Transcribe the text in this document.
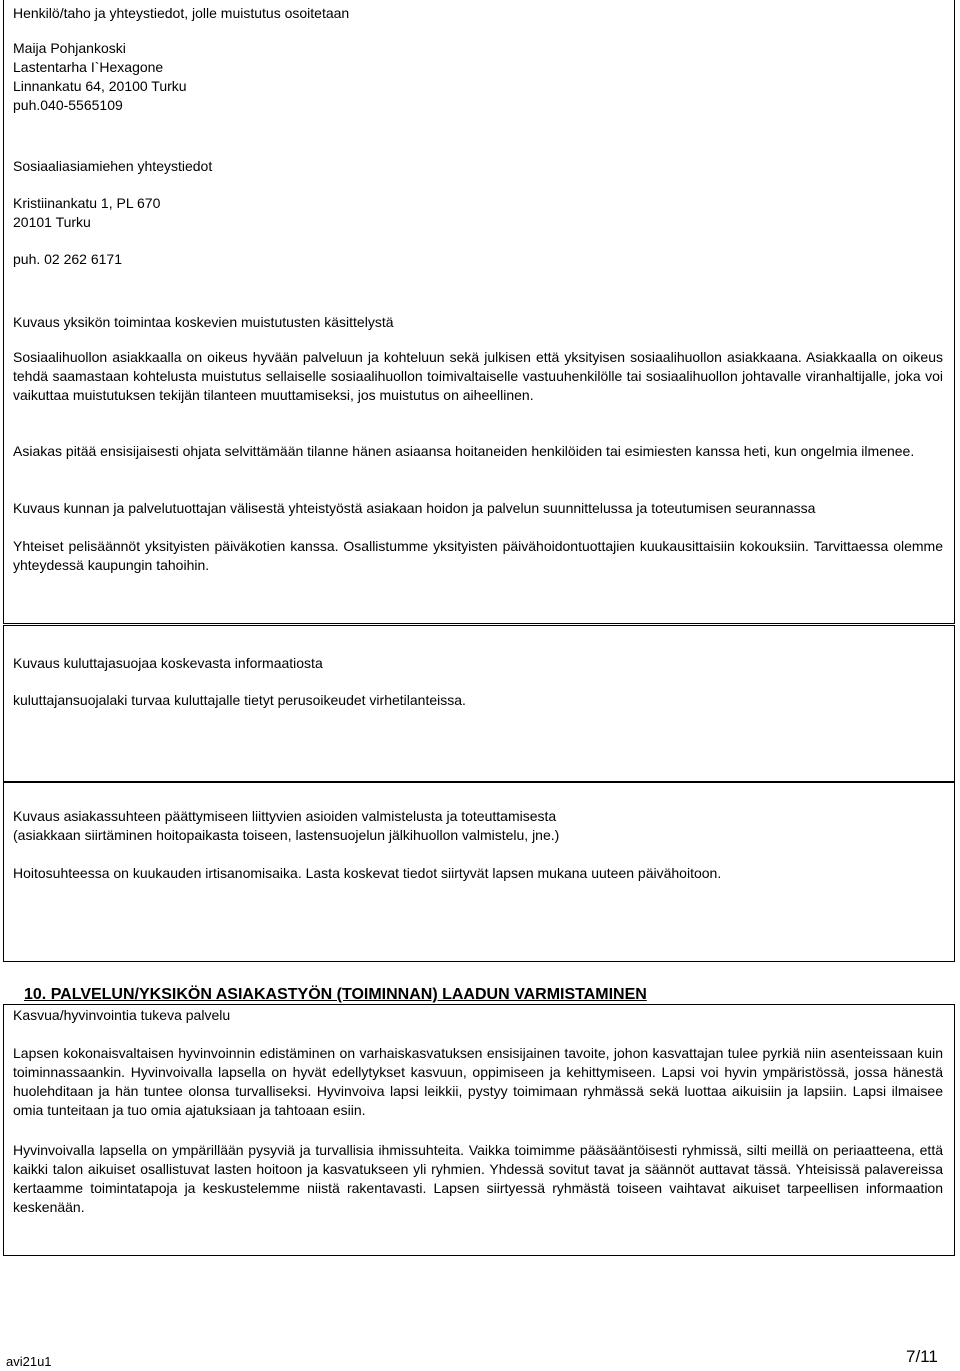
Henkilö/taho ja yhteystiedot, jolle muistutus osoitetaan
Maija Pohjankoski
Lastentarha I`Hexagone
Linnankatu 64, 20100 Turku
puh.040-5565109
Sosiaaliasiamiehen yhteystiedot
Kristiinankatu 1, PL 670
20101 Turku
puh. 02 262 6171
Kuvaus yksikön toimintaa koskevien muistutusten käsittelystä
Sosiaalihuollon asiakkaalla on oikeus hyvään palveluun ja kohteluun sekä julkisen että yksityisen sosiaalihuollon asiakkaana. Asiakkaalla on oikeus tehdä saamastaan kohtelusta muistutus sellaiselle sosiaalihuollon toimivaltaiselle vastuuhenkilölle tai sosiaalihuollon johtavalle viranhaltijalle, joka voi vaikuttaa muistutuksen tekijän tilanteen muuttamiseksi, jos muistutus on aiheellinen.
Asiakas pitää ensisijaisesti ohjata selvittämään tilanne hänen asiaansa hoitaneiden henkilöiden tai esimiesten kanssa heti, kun ongelmia ilmenee.
Kuvaus kunnan ja palvelutuottajan välisestä yhteistyöstä asiakaan hoidon ja palvelun suunnittelussa ja toteutumisen seurannassa
Yhteiset pelisäännöt yksityisten päiväkotien kanssa. Osallistumme yksityisten päivähoidontuottajien kuukausittaisiin kokouksiin. Tarvittaessa olemme yhteydessä kaupungin tahoihin.
Kuvaus kuluttajasuojaa koskevasta informaatiosta
kuluttajansuojalaki turvaa kuluttajalle tietyt perusoikeudet virhetilanteissa.
Kuvaus asiakassuhteen päättymiseen liittyvien asioiden valmistelusta ja toteuttamisesta
(asiakkaan siirtäminen hoitopaikasta toiseen, lastensuojelun jälkihuollon valmistelu, jne.)
Hoitosuhteessa on kuukauden irtisanomisaika. Lasta koskevat tiedot siirtyvät lapsen mukana uuteen päivähoitoon.
10. PALVELUN/YKSIKÖN ASIAKASTYÖN (TOIMINNAN) LAADUN VARMISTAMINEN
Kasvua/hyvinvointia tukeva palvelu
Lapsen kokonaisvaltaisen hyvinvoinnin edistäminen on varhaiskasvatuksen ensisijainen tavoite, johon kasvattajan tulee pyrkiä niin asenteissaan kuin toiminnassaankin. Hyvinvoivalla lapsella on hyvät edellytykset kasvuun, oppimiseen ja kehittymiseen. Lapsi voi hyvin ympäristössä, jossa hänestä huolehditaan ja hän tuntee olonsa turvalliseksi. Hyvinvoiva lapsi leikkii, pystyy toimimaan ryhmässä sekä luottaa aikuisiin ja lapsiin. Lapsi ilmaisee omia tunteitaan ja tuo omia ajatuksiaan ja tahtoaan esiin.
Hyvinvoivalla lapsella on ympärillään pysyviä ja turvallisia ihmissuhteita. Vaikka toimimme pääsääntöisesti ryhmissä, silti meillä on periaatteena, että kaikki talon aikuiset osallistuvat lasten hoitoon ja kasvatukseen yli ryhmien. Yhdessä sovitut tavat ja säännöt auttavat tässä. Yhteisissä palavereissa kertaamme toimintatapoja ja keskustelemme niistä rakentavasti. Lapsen siirtyessä ryhmästä toiseen vaihtavat aikuiset tarpeellisen informaation keskenään.
avi21u1	7/11
